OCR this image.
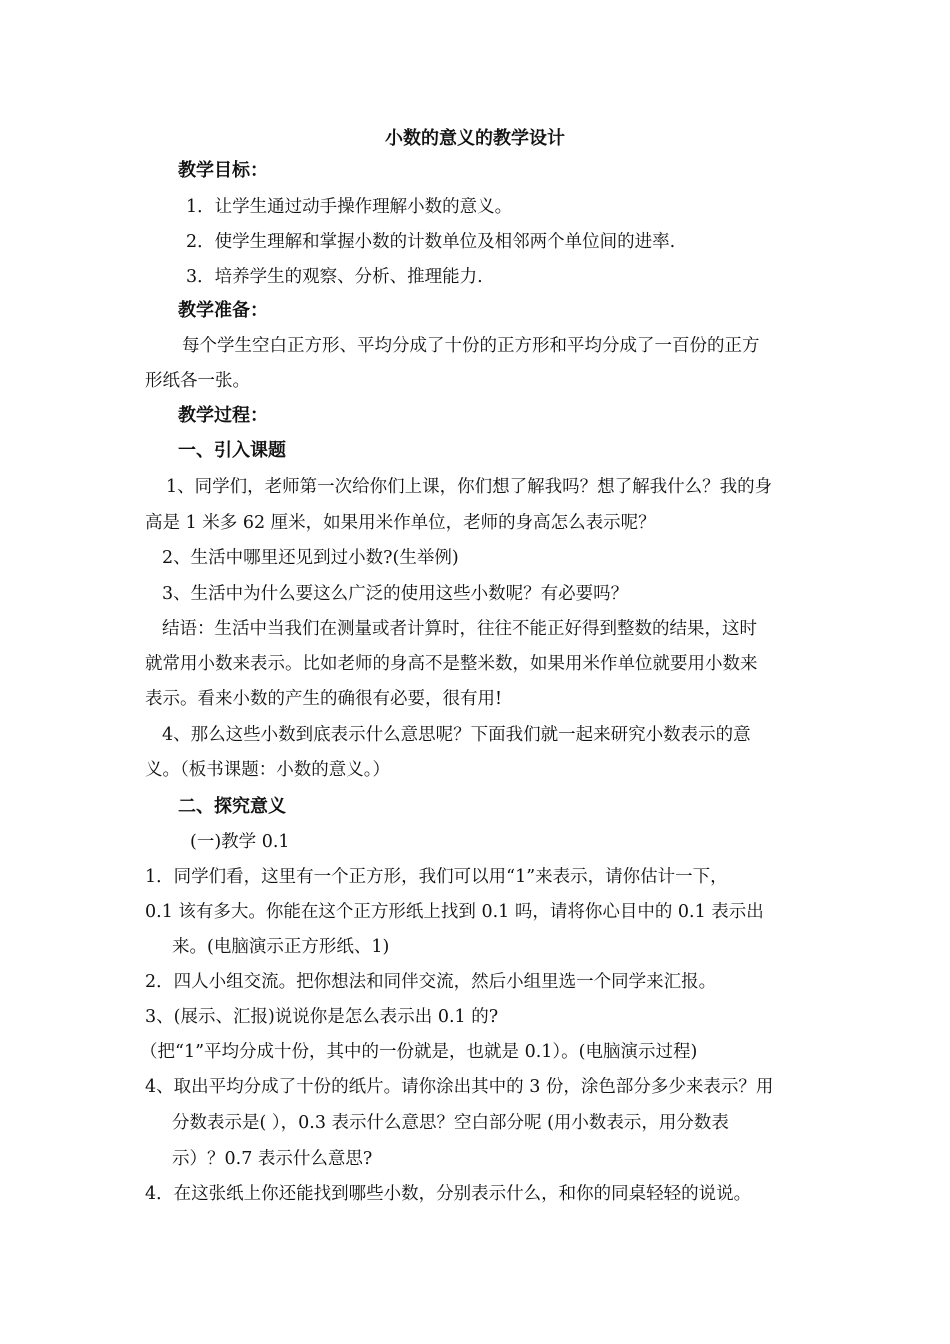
小数的意义的教学设计
教学目标：
1．让学生通过动手操作理解小数的意义。
2．使学生理解和掌握小数的计数单位及相邻两个单位间的进率.
3．培养学生的观察、分析、推理能力.
教学准备：
每个学生空白正方形、平均分成了十份的正方形和平均分成了一百份的正方
形纸各一张。
教学过程：
一、引入课题
1、同学们，老师第一次给你们上课，你们想了解我吗？想了解我什么？我的身
高是 1 米多 62 厘米，如果用米作单位，老师的身高怎么表示呢？
2、生活中哪里还见到过小数?(生举例)
3、生活中为什么要这么广泛的使用这些小数呢？有必要吗？
结语：生活中当我们在测量或者计算时，往往不能正好得到整数的结果，这时
就常用小数来表示。比如老师的身高不是整米数，如果用米作单位就要用小数来
表示。看来小数的产生的确很有必要，很有用!
4、那么这些小数到底表示什么意思呢？下面我们就一起来研究小数表示的意
义。（板书课题：小数的意义。）
二、探究意义
(一)教学 0.1
1．同学们看，这里有一个正方形，我们可以用“1”来表示，请你估计一下，
0.1 该有多大。你能在这个正方形纸上找到 0.1 吗，请将你心目中的 0.1 表示出
来。(电脑演示正方形纸、1)
2．四人小组交流。把你想法和同伴交流，然后小组里选一个同学来汇报。
3、(展示、汇报)说说你是怎么表示出 0.1 的?
（把“1”平均分成十份，其中的一份就是，也就是 0.1）。(电脑演示过程)
4、取出平均分成了十份的纸片。请你涂出其中的 3 份，涂色部分多少来表示？用
分数表示是( ），0.3 表示什么意思？空白部分呢 (用小数表示，用分数表
示）？0.7 表示什么意思?
4．在这张纸上你还能找到哪些小数，分别表示什么，和你的同桌轻轻的说说。
